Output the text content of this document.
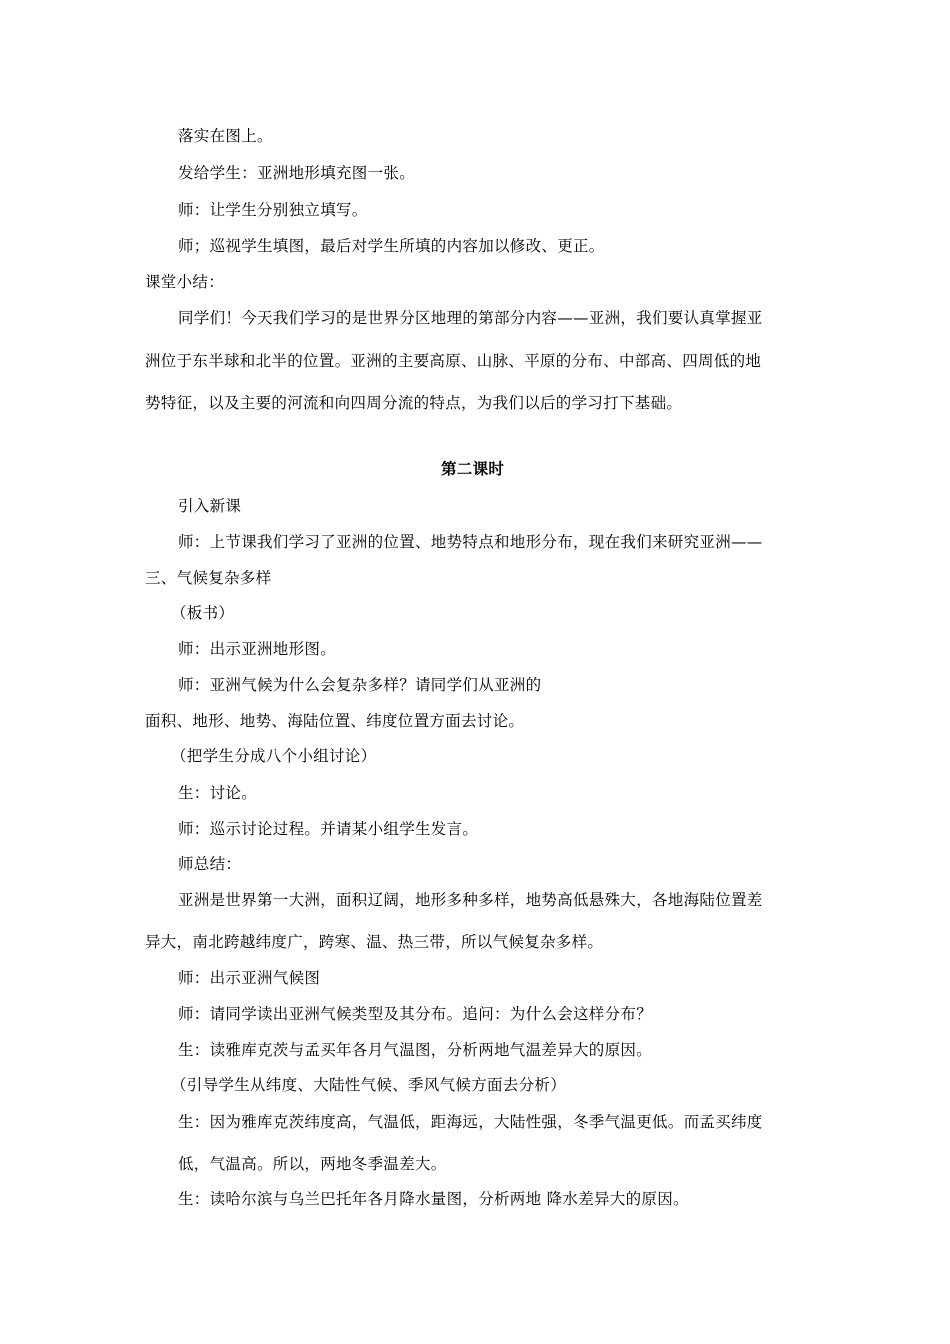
落实在图上。
发给学生：亚洲地形填充图一张。
师：让学生分别独立填写。
师；巡视学生填图，最后对学生所填的内容加以修改、更正。
课堂小结：
同学们！今天我们学习的是世界分区地理的第部分内容——亚洲，我们要认真掌握亚
洲位于东半球和北半的位置。亚洲的主要高原、山脉、平原的分布、中部高、四周低的地
势特征，以及主要的河流和向四周分流的特点，为我们以后的学习打下基础。
第二课时
引入新课
师：上节课我们学习了亚洲的位置、地势特点和地形分布，现在我们来研究亚洲——
三、气候复杂多样
（板书）
师：出示亚洲地形图。
师：亚洲气候为什么会复杂多样？请同学们从亚洲的
面积、地形、地势、海陆位置、纬度位置方面去讨论。
（把学生分成八个小组讨论）
生：讨论。
师：巡示讨论过程。并请某小组学生发言。
师总结：
亚洲是世界第一大洲，面积辽阔，地形多种多样，地势高低悬殊大，各地海陆位置差
异大，南北跨越纬度广，跨寒、温、热三带，所以气候复杂多样。
师：出示亚洲气候图
师：请同学读出亚洲气候类型及其分布。追问：为什么会这样分布？
生：读雅库克茨与孟买年各月气温图，分析两地气温差异大的原因。
（引导学生从纬度、大陆性气候、季风气候方面去分析）
生：因为雅库克茨纬度高，气温低，距海远，大陆性强，冬季气温更低。而孟买纬度
低，气温高。所以，两地冬季温差大。
生：读哈尔滨与乌兰巴托年各月降水量图，分析两地 降水差异大的原因。
